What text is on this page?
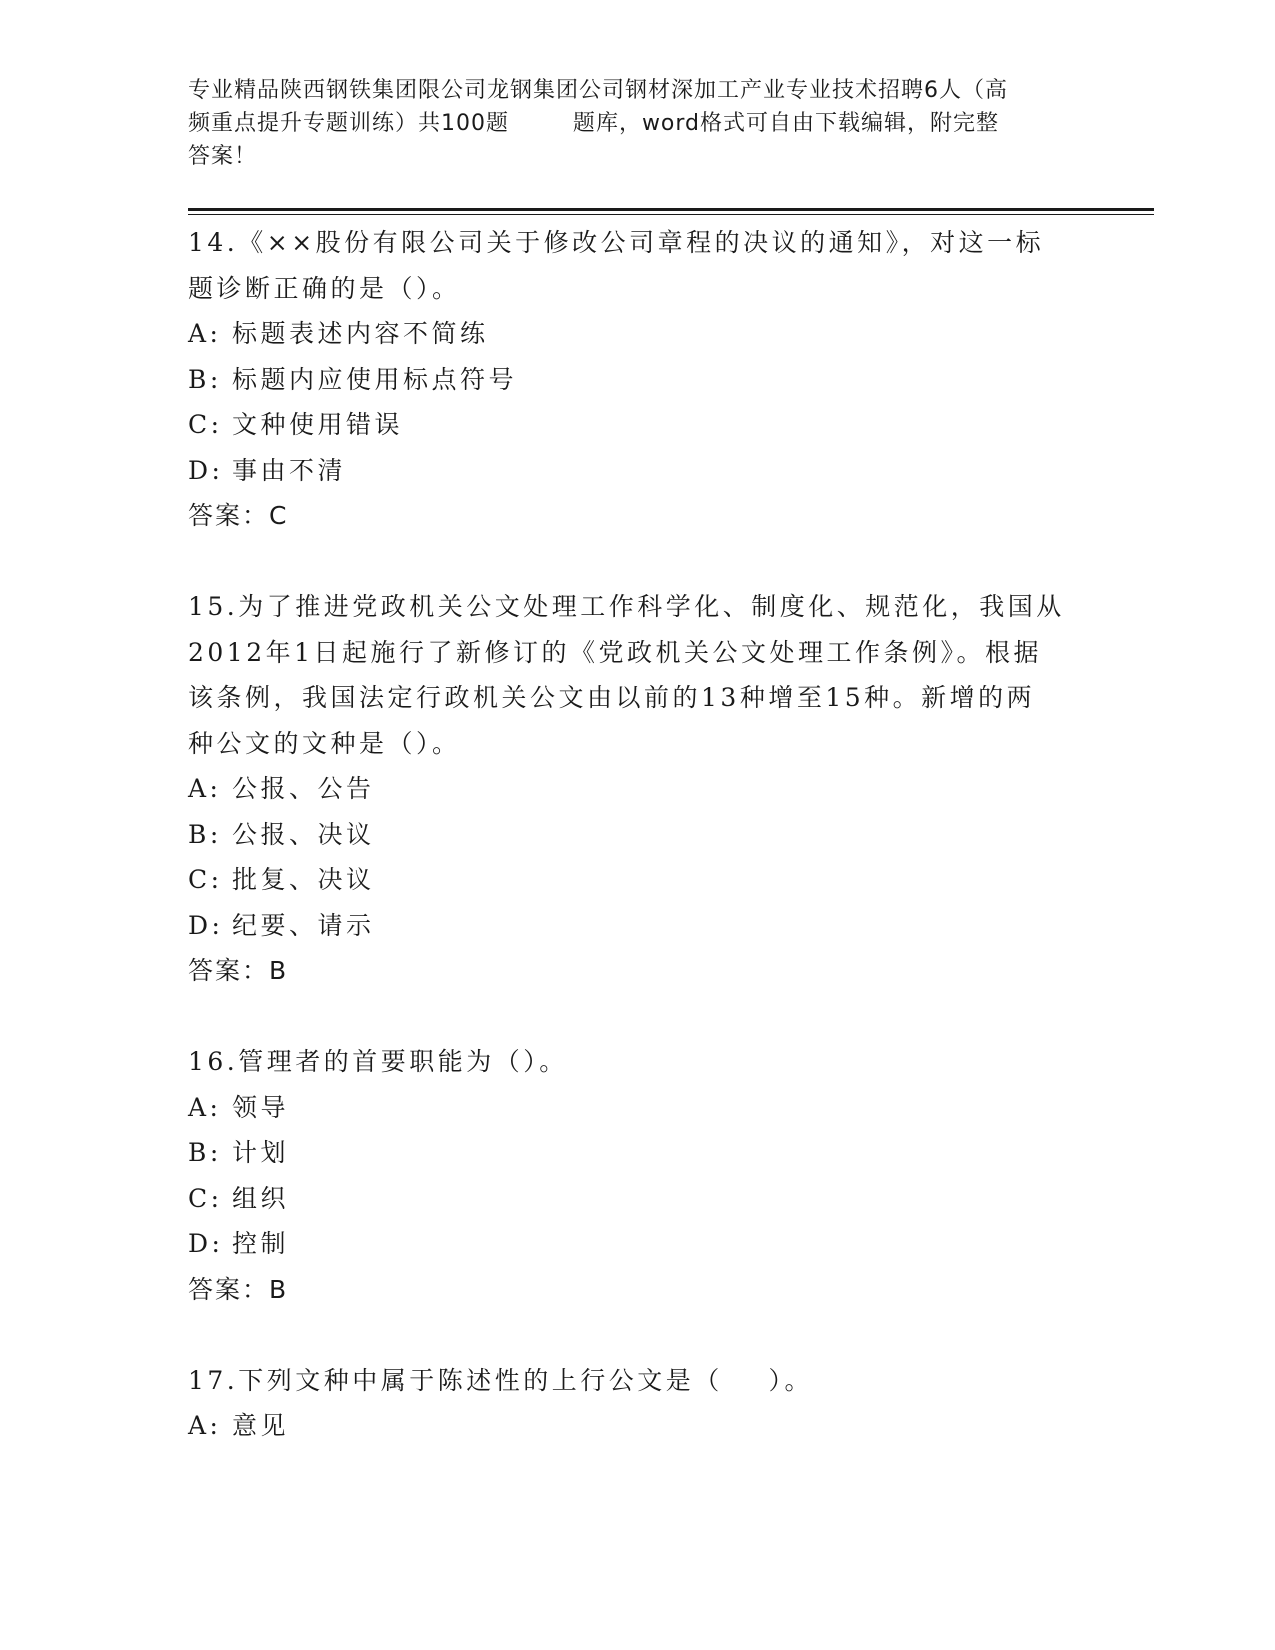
专业精品陕西钢铁集团限公司龙钢集团公司钢材深加工产业专业技术招聘6人（高
频重点提升专题训练）共100题        题库，word格式可自由下载编辑，附完整
答案！

14.《××股份有限公司关于修改公司章程的决议的通知》，对这一标

题诊断正确的是（）。

A: 标题表述内容不简练

B: 标题内应使用标点符号

C: 文种使用错误

D: 事由不清

答案：C

15.为了推进党政机关公文处理工作科学化、制度化、规范化，我国从

2012年1日起施行了新修订的《党政机关公文处理工作条例》。根据

该条例，我国法定行政机关公文由以前的13种增至15种。新增的两

种公文的文种是（）。

A: 公报、公告

B: 公报、决议

C: 批复、决议

D: 纪要、请示

答案：B

16.管理者的首要职能为（）。

A: 领导

B: 计划

C: 组织

D: 控制

答案：B

17.下列文种中属于陈述性的上行公文是（    ）。

A: 意见
